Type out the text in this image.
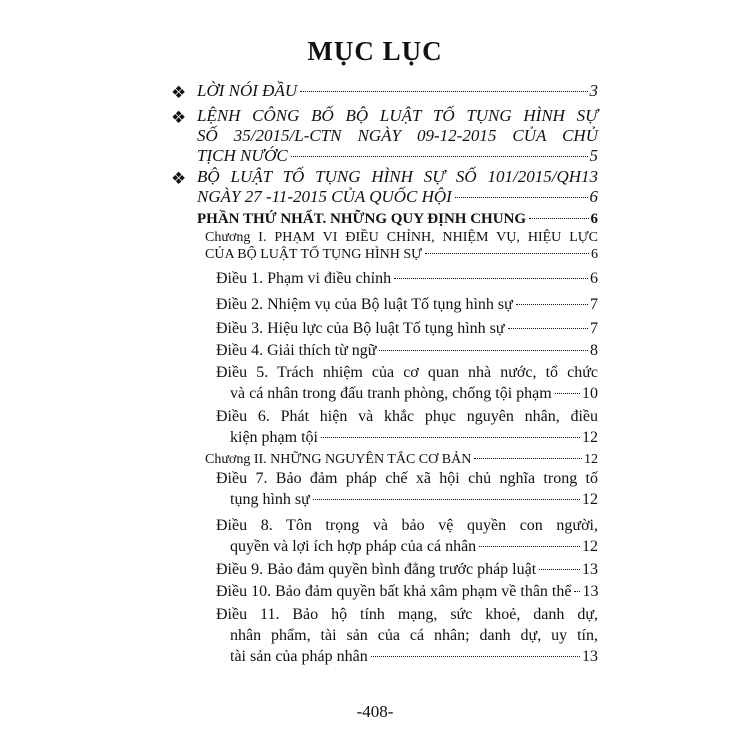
MỤC LỤC
❖ LỜI NÓI ĐẦU	3
❖ LỆNH CÔNG BỐ BỘ LUẬT TỐ TỤNG HÌNH SỰ
SỐ 35/2015/L-CTN NGÀY 09-12-2015 CỦA CHỦ
TỊCH NƯỚC	5
❖ BỘ LUẬT TỐ TỤNG HÌNH SỰ SỐ 101/2015/QH13
NGÀY 27 -11-2015 CỦA QUỐC HỘI	6
PHẦN THỨ NHẤT. NHỮNG QUY ĐỊNH CHUNG	6
Chương I. PHẠM VI ĐIỀU CHỈNH, NHIỆM VỤ, HIỆU LỰC
CỦA BỘ LUẬT TỐ TỤNG HÌNH SỰ	6
Điều 1. Phạm vi điều chỉnh	6
Điều 2. Nhiệm vụ của Bộ luật Tố tụng hình sự	7
Điều 3. Hiệu lực của Bộ luật Tố tụng hình sự	7
Điều 4. Giải thích từ ngữ	8
Điều 5. Trách nhiệm của cơ quan nhà nước, tổ chức
và cá nhân trong đấu tranh phòng, chống tội phạm 10
Điều 6. Phát hiện và khắc phục nguyên nhân, điều
kiện phạm tội	12
Chương II. NHỮNG NGUYÊN TẮC CƠ BẢN	12
Điều 7. Bảo đảm pháp chế xã hội chủ nghĩa trong tố
tụng hình sự	12
Điều 8. Tôn trọng và bảo vệ quyền con người,
quyền và lợi ích hợp pháp của cá nhân	12
Điều 9. Bảo đảm quyền bình đẳng trước pháp luật	13
Điều 10. Bảo đảm quyền bất khả xâm phạm về thân thể 13
Điều 11. Bảo hộ tính mạng, sức khoẻ, danh dự,
nhân phẩm, tài sản của cá nhân; danh dự, uy tín,
tài sản của pháp nhân	13
-408-
